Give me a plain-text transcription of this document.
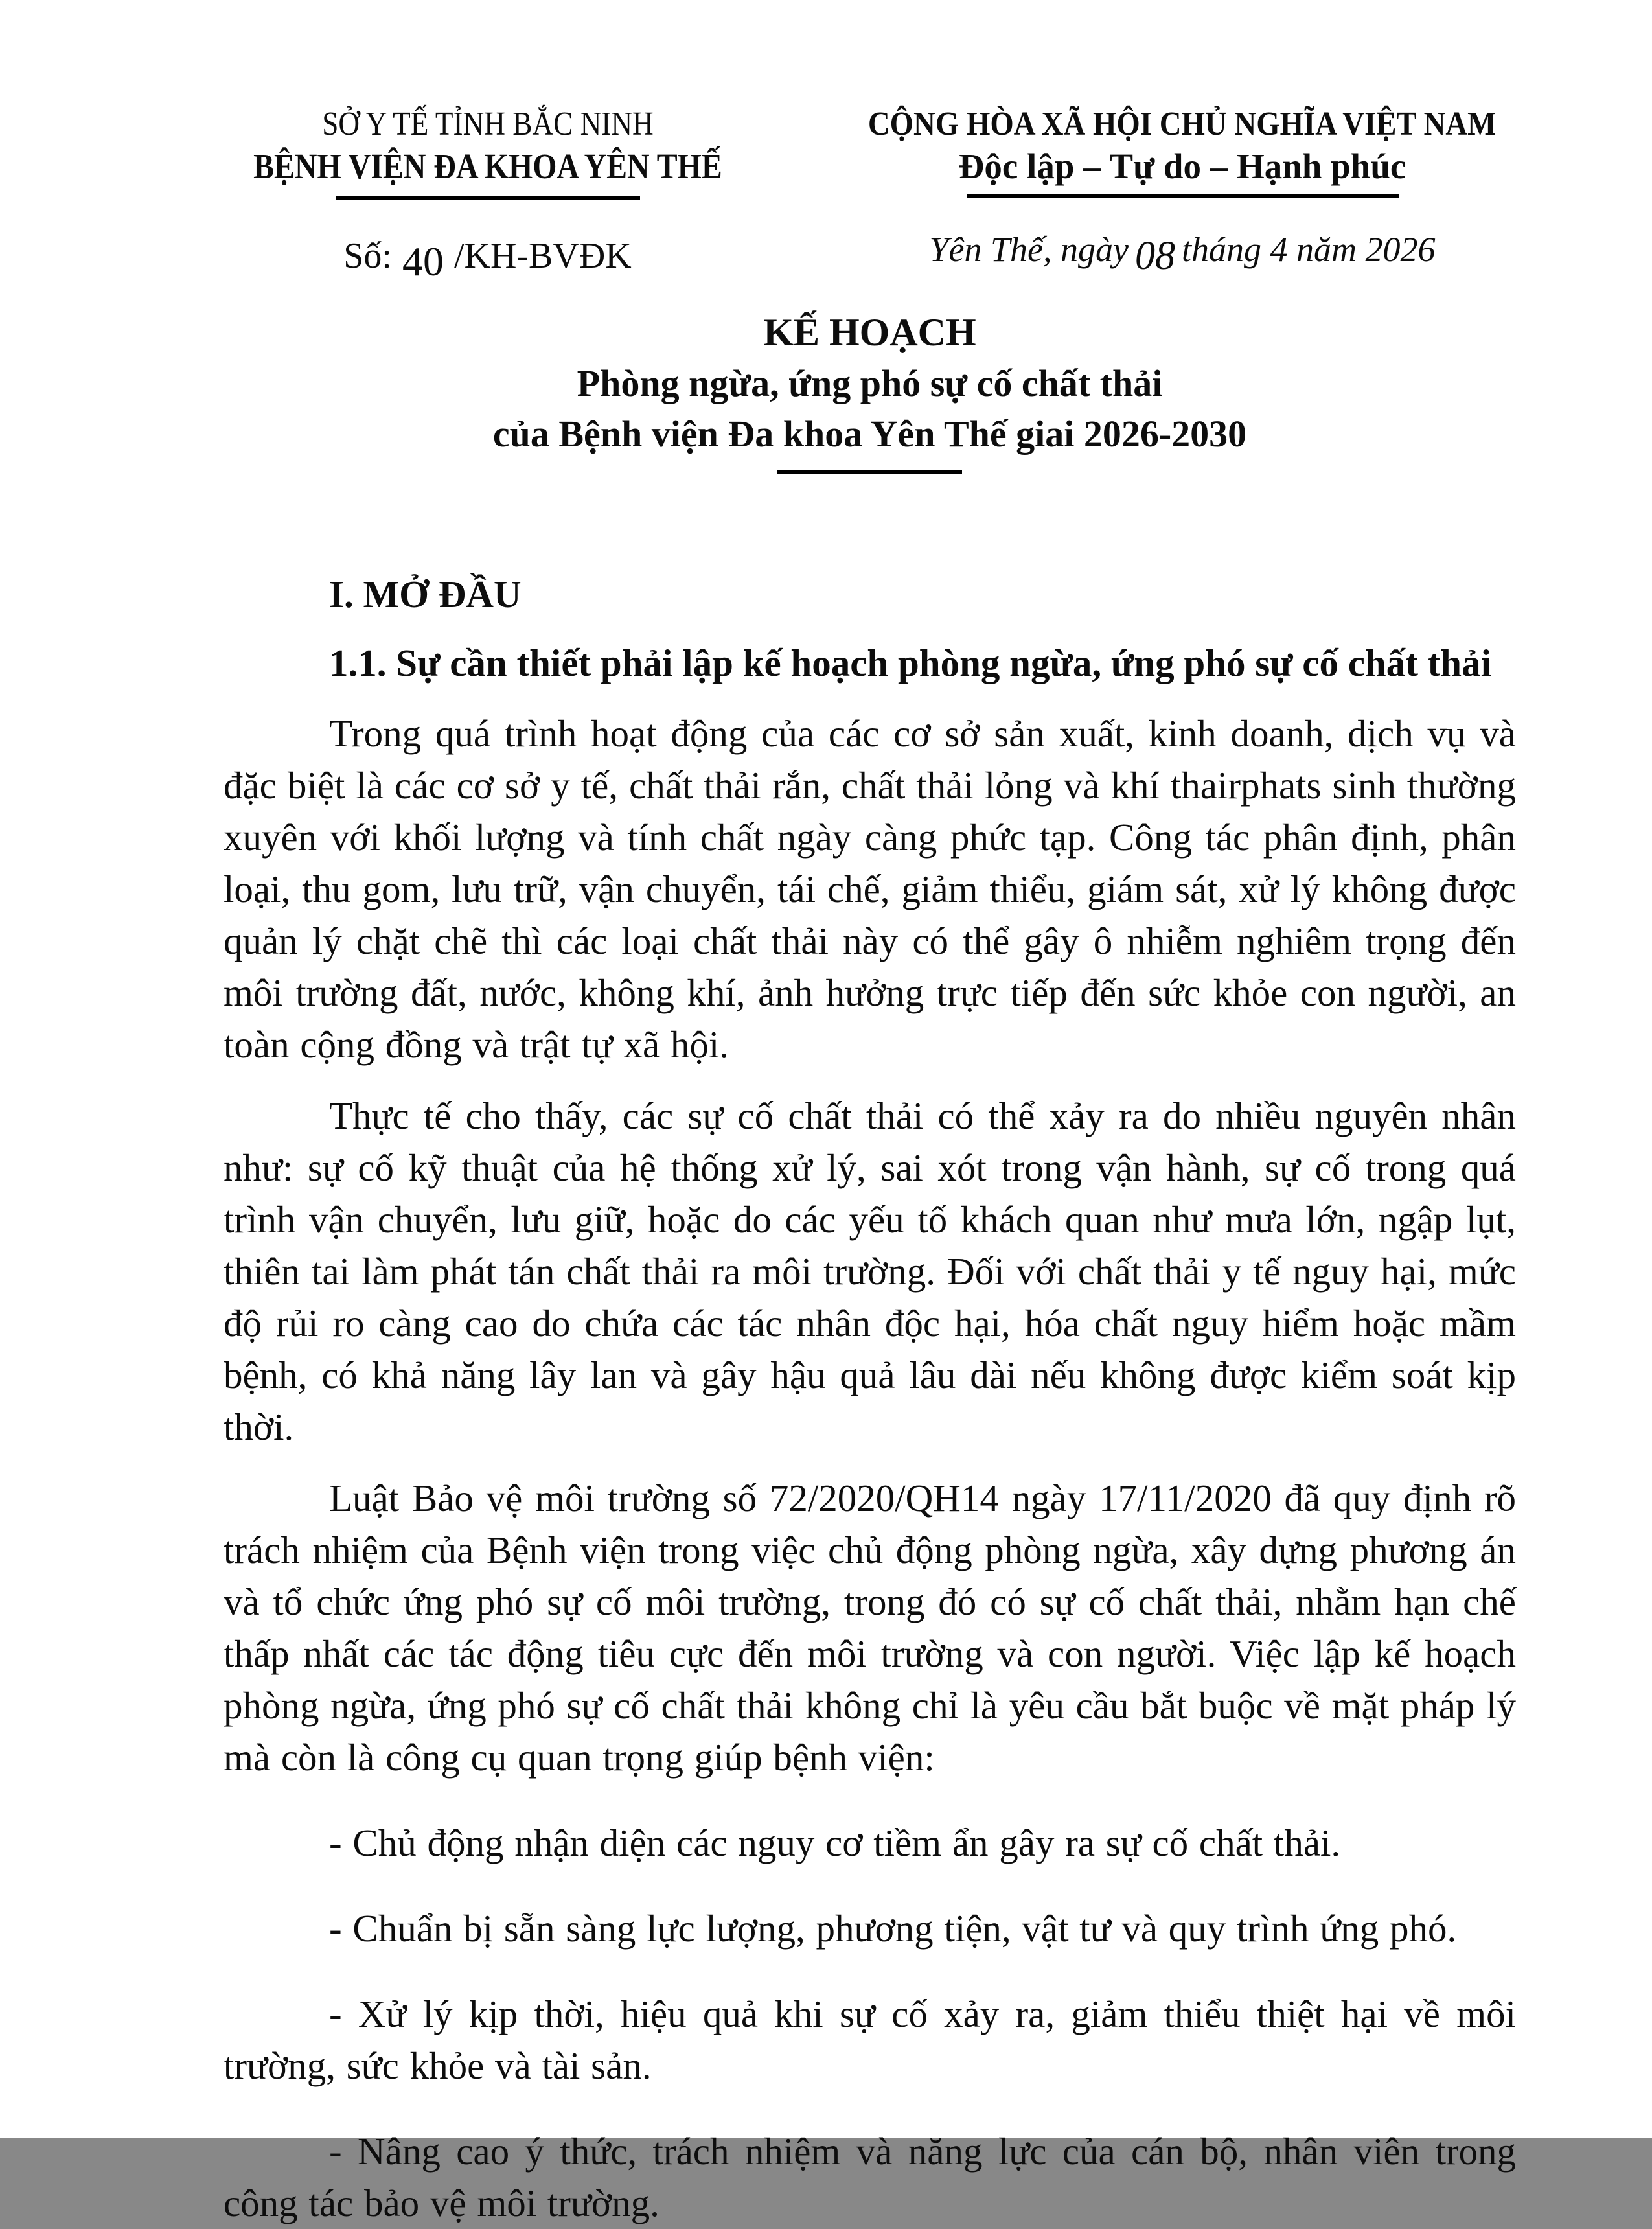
SỞ Y TẾ TỈNH BẮC NINH
BỆNH VIỆN ĐA KHOA YÊN THẾ
Số: 40 /KH-BVĐK
CỘNG HÒA XÃ HỘI CHỦ NGHĨA VIỆT NAM
Độc lập – Tự do – Hạnh phúc
Yên Thế, ngày 08 tháng 4 năm 2026
KẾ HOẠCH
Phòng ngừa, ứng phó sự cố chất thải
của Bệnh viện Đa khoa Yên Thế giai 2026-2030
I. MỞ ĐẦU
1.1. Sự cần thiết phải lập kế hoạch phòng ngừa, ứng phó sự cố chất thải

Trong quá trình hoạt động của các cơ sở sản xuất, kinh doanh, dịch vụ và đặc biệt là các cơ sở y tế, chất thải rắn, chất thải lỏng và khí thairphats sinh thường xuyên với khối lượng và tính chất ngày càng phức tạp. Công tác phân định, phân loại, thu gom, lưu trữ, vận chuyển, tái chế, giảm thiểu, giám sát, xử lý không được quản lý chặt chẽ thì các loại chất thải này có thể gây ô nhiễm nghiêm trọng đến môi trường đất, nước, không khí, ảnh hưởng trực tiếp đến sức khỏe con người, an toàn cộng đồng và trật tự xã hội.

Thực tế cho thấy, các sự cố chất thải có thể xảy ra do nhiều nguyên nhân như: sự cố kỹ thuật của hệ thống xử lý, sai xót trong vận hành, sự cố trong quá trình vận chuyển, lưu giữ, hoặc do các yếu tố khách quan như mưa lớn, ngập lụt, thiên tai làm phát tán chất thải ra môi trường. Đối với chất thải y tế nguy hại, mức độ rủi ro càng cao do chứa các tác nhân độc hại, hóa chất nguy hiểm hoặc mầm bệnh, có khả năng lây lan và gây hậu quả lâu dài nếu không được kiểm soát kịp thời.

Luật Bảo vệ môi trường số 72/2020/QH14 ngày 17/11/2020 đã quy định rõ trách nhiệm của Bệnh viện trong việc chủ động phòng ngừa, xây dựng phương án và tổ chức ứng phó sự cố môi trường, trong đó có sự cố chất thải, nhằm hạn chế thấp nhất các tác động tiêu cực đến môi trường và con người. Việc lập kế hoạch phòng ngừa, ứng phó sự cố chất thải không chỉ là yêu cầu bắt buộc về mặt pháp lý mà còn là công cụ quan trọng giúp bệnh viện:

- Chủ động nhận diện các nguy cơ tiềm ẩn gây ra sự cố chất thải.

- Chuẩn bị sẵn sàng lực lượng, phương tiện, vật tư và quy trình ứng phó.

- Xử lý kịp thời, hiệu quả khi sự cố xảy ra, giảm thiểu thiệt hại về môi trường, sức khỏe và tài sản.

- Nâng cao ý thức, trách nhiệm và năng lực của cán bộ, nhân viên trong công tác bảo vệ môi trường.
